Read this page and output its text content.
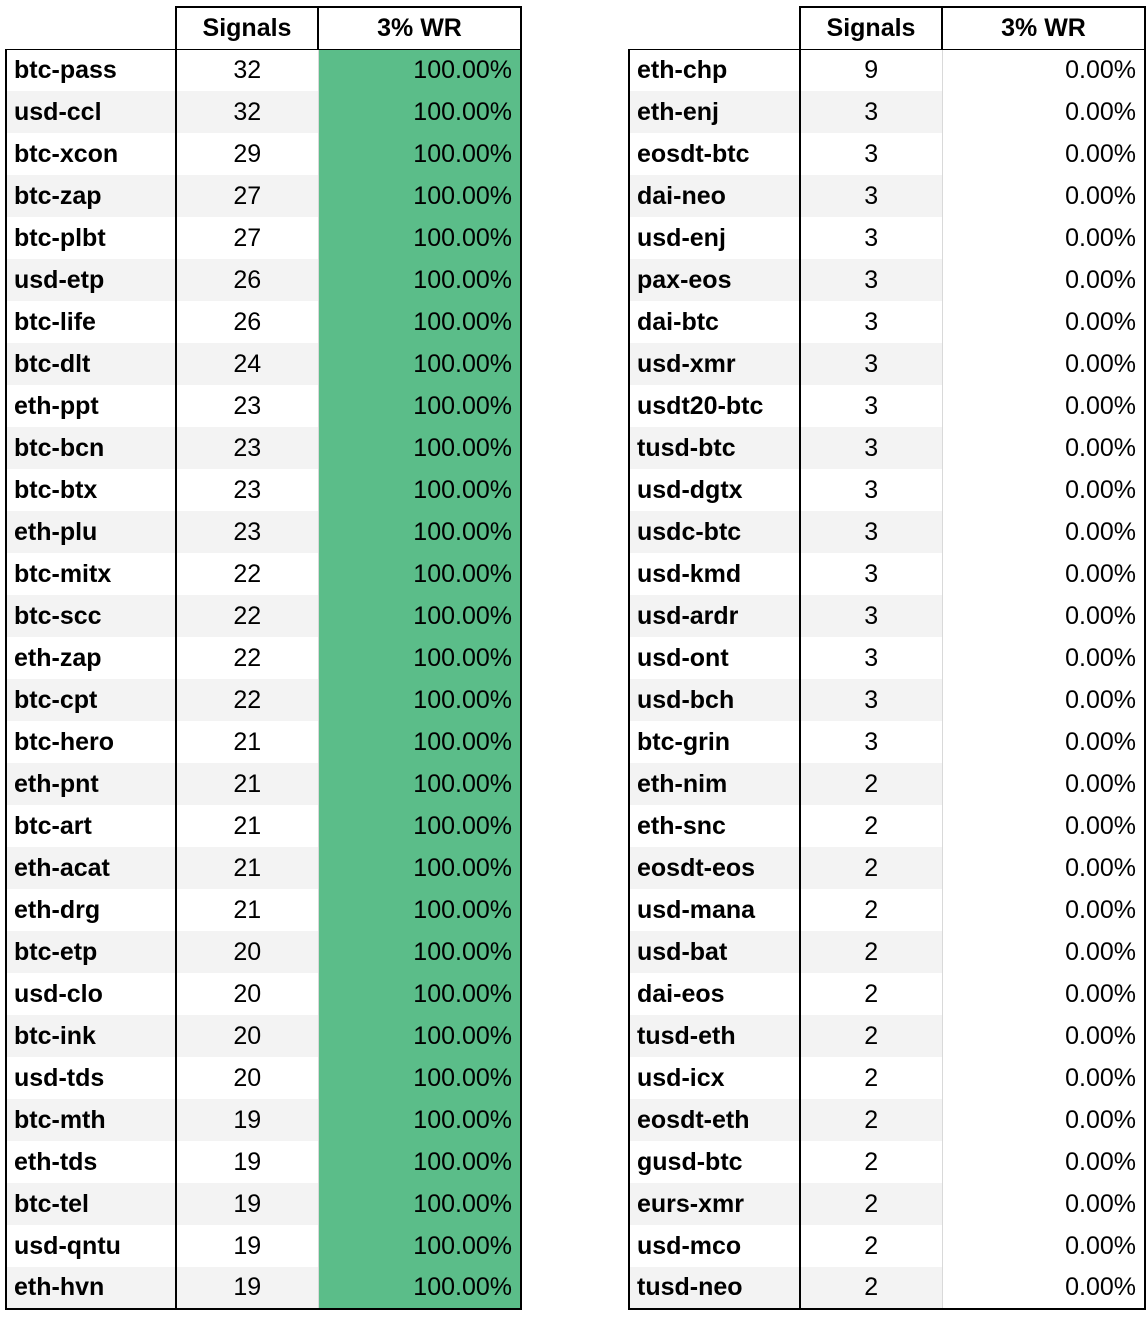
	Signals	3% WR
btc-pass	32	100.00%
usd-ccl	32	100.00%
btc-xcon	29	100.00%
btc-zap	27	100.00%
btc-plbt	27	100.00%
usd-etp	26	100.00%
btc-life	26	100.00%
btc-dlt	24	100.00%
eth-ppt	23	100.00%
btc-bcn	23	100.00%
btc-btx	23	100.00%
eth-plu	23	100.00%
btc-mitx	22	100.00%
btc-scc	22	100.00%
eth-zap	22	100.00%
btc-cpt	22	100.00%
btc-hero	21	100.00%
eth-pnt	21	100.00%
btc-art	21	100.00%
eth-acat	21	100.00%
eth-drg	21	100.00%
btc-etp	20	100.00%
usd-clo	20	100.00%
btc-ink	20	100.00%
usd-tds	20	100.00%
btc-mth	19	100.00%
eth-tds	19	100.00%
btc-tel	19	100.00%
usd-qntu	19	100.00%
eth-hvn	19	100.00%
	Signals	3% WR
eth-chp	9	0.00%
eth-enj	3	0.00%
eosdt-btc	3	0.00%
dai-neo	3	0.00%
usd-enj	3	0.00%
pax-eos	3	0.00%
dai-btc	3	0.00%
usd-xmr	3	0.00%
usdt20-btc	3	0.00%
tusd-btc	3	0.00%
usd-dgtx	3	0.00%
usdc-btc	3	0.00%
usd-kmd	3	0.00%
usd-ardr	3	0.00%
usd-ont	3	0.00%
usd-bch	3	0.00%
btc-grin	3	0.00%
eth-nim	2	0.00%
eth-snc	2	0.00%
eosdt-eos	2	0.00%
usd-mana	2	0.00%
usd-bat	2	0.00%
dai-eos	2	0.00%
tusd-eth	2	0.00%
usd-icx	2	0.00%
eosdt-eth	2	0.00%
gusd-btc	2	0.00%
eurs-xmr	2	0.00%
usd-mco	2	0.00%
tusd-neo	2	0.00%
